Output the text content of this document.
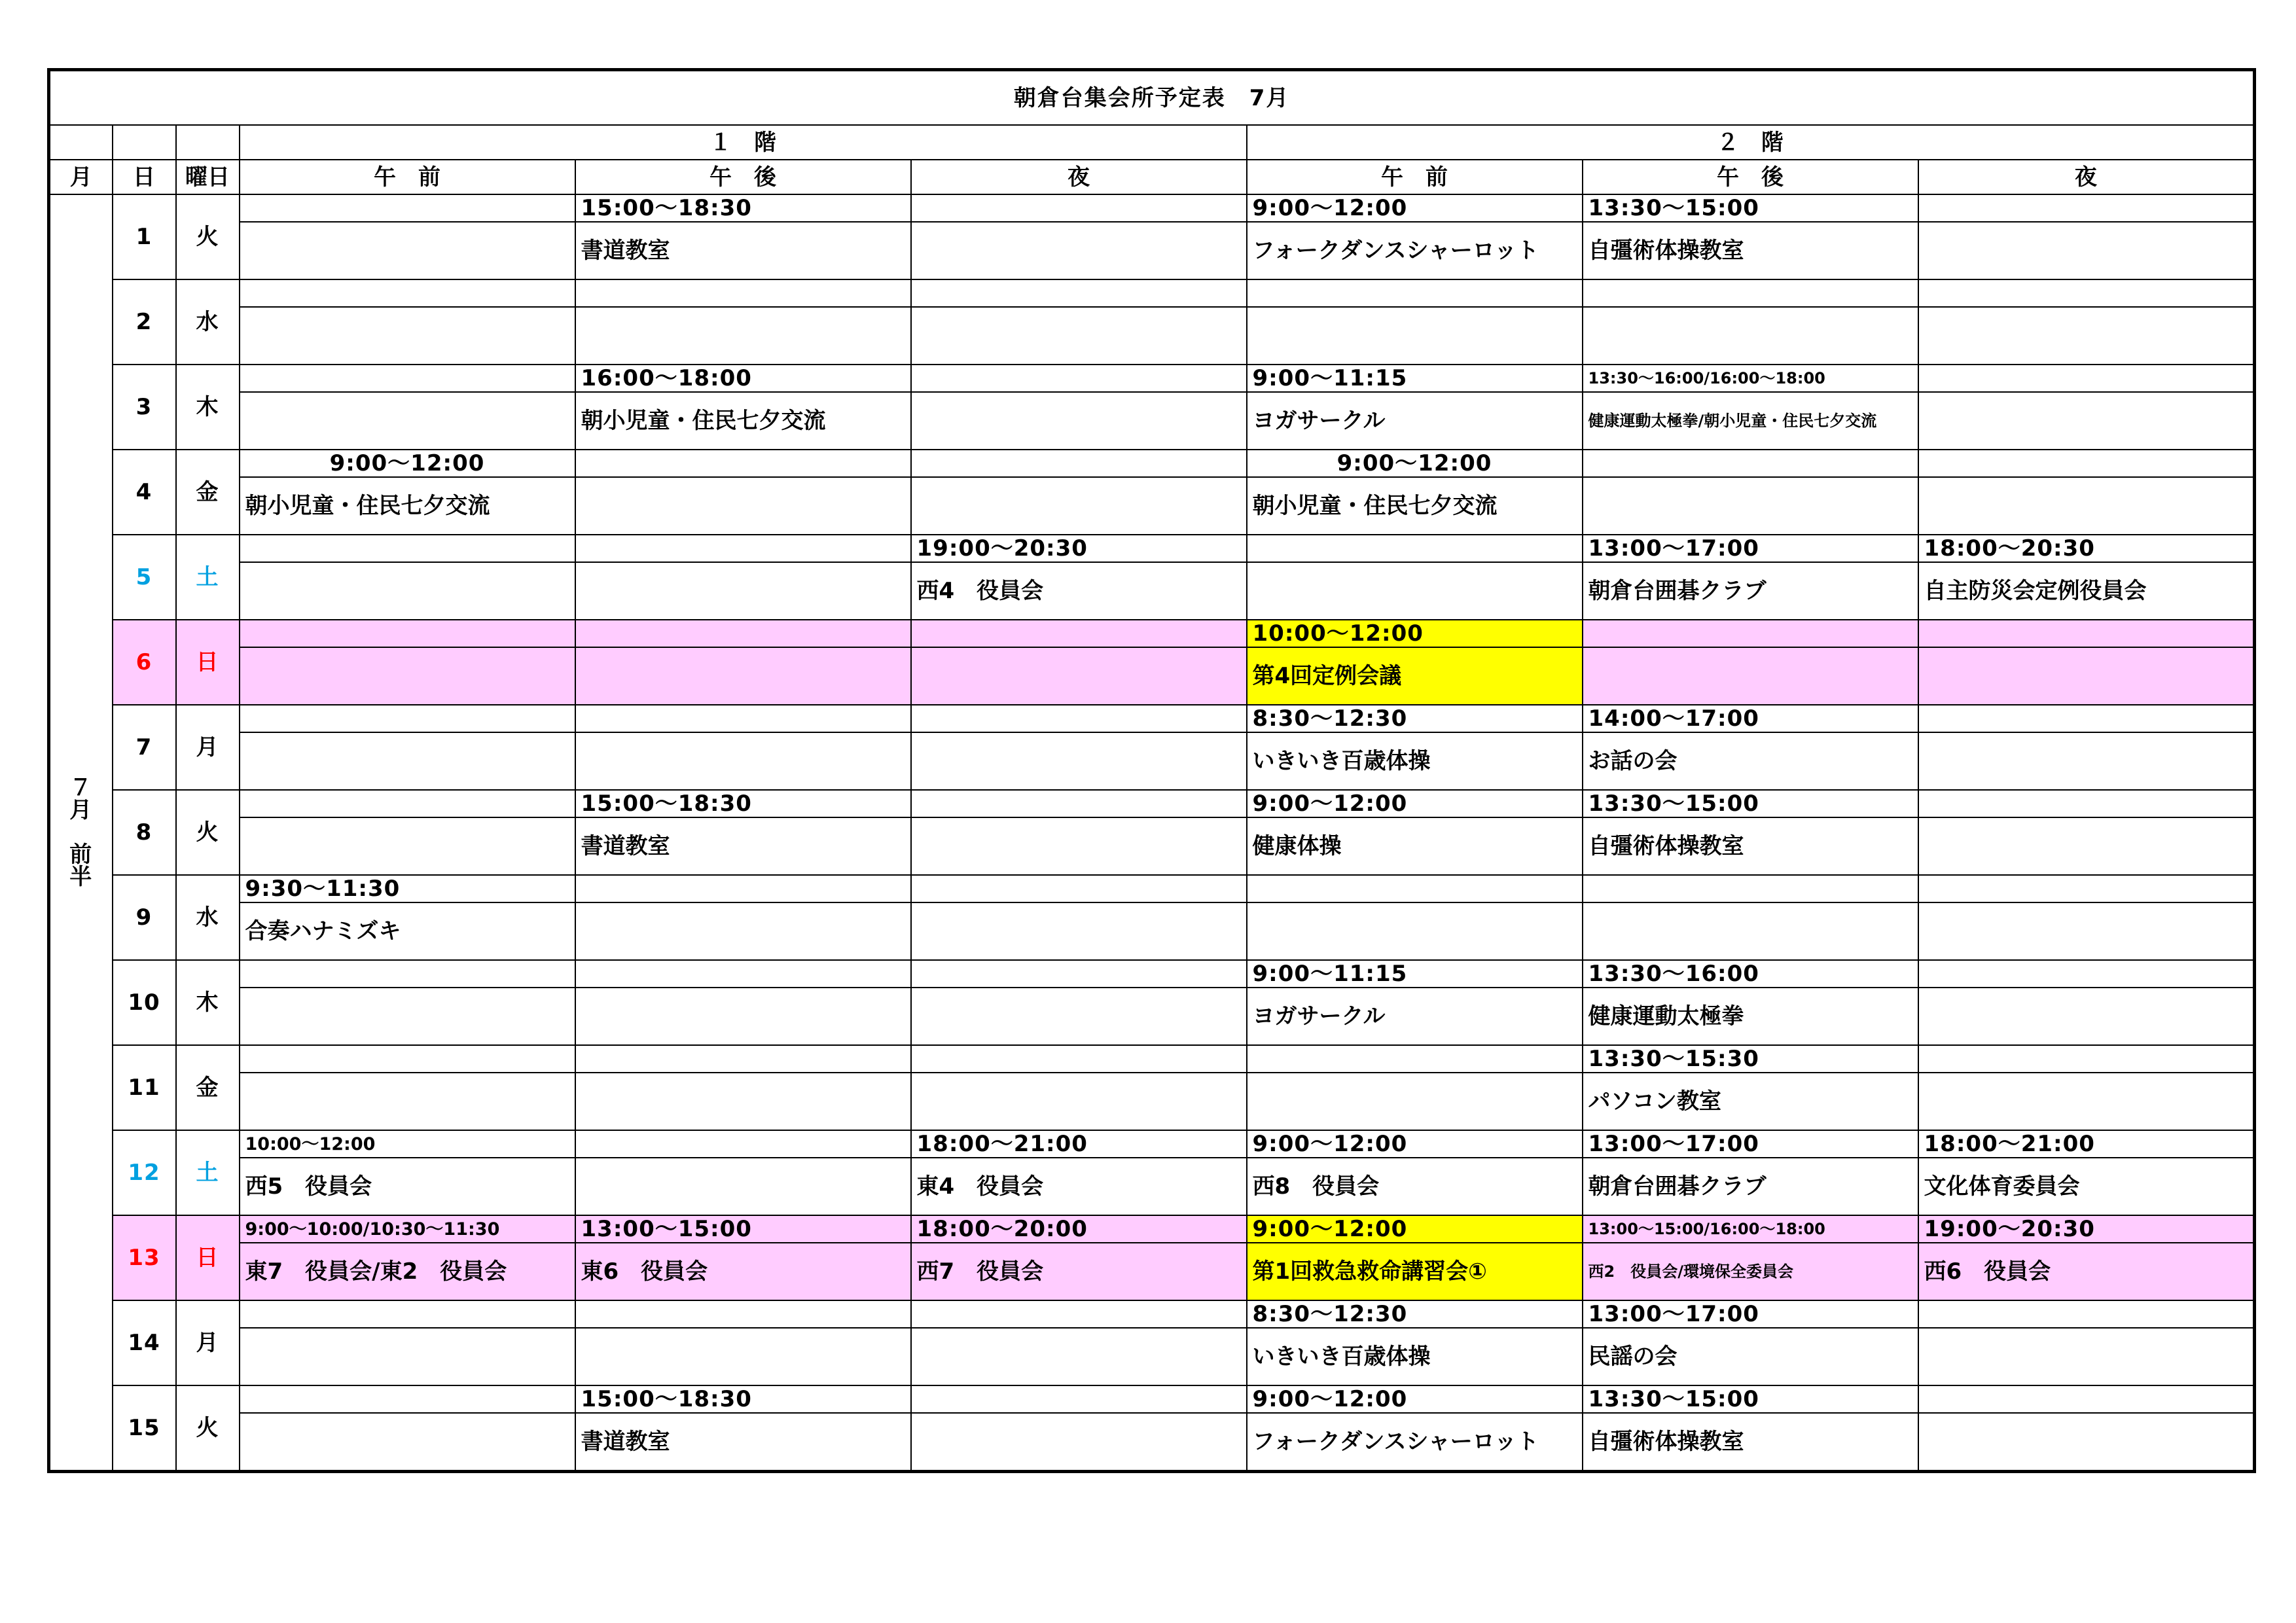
朝倉台集会所予定表　7月								
			１　階			２　階		
月	日	曜日	午　前	午　後	夜	午　前	午　後	夜

７
月

前
半	1	火		15:00～18:30		9:00～12:00	13:30～15:00	
				書道教室		フォークダンスシャーロット	自彊術体操教室	
	2	水						

	3	木		16:00～18:00		9:00～11:15	13:30～16:00/16:00～18:00	
				朝小児童・住民七夕交流		ヨガサークル	健康運動太極拳/朝小児童・住民七夕交流	
	4	金	9:00～12:00			9:00～12:00		
			朝小児童・住民七夕交流			朝小児童・住民七夕交流		
	5	土			19:00～20:30		13:00～17:00	18:00～20:30
					西4　役員会		朝倉台囲碁クラブ	自主防災会定例役員会
	6	日				10:00～12:00		
						第4回定例会議		
	7	月				8:30～12:30	14:00～17:00	
						いきいき百歳体操	お話の会	
	8	火		15:00～18:30		9:00～12:00	13:30～15:00	
				書道教室		健康体操	自彊術体操教室	
	9	水	9:30～11:30					
			合奏ハナミズキ					
	10	木				9:00～11:15	13:30～16:00	
						ヨガサークル	健康運動太極拳	
	11	金					13:30～15:30	
							パソコン教室	
	12	土	10:00～12:00		18:00～21:00	9:00～12:00	13:00～17:00	18:00～21:00
			西5　役員会		東4　役員会	西8　役員会	朝倉台囲碁クラブ	文化体育委員会
	13	日	9:00～10:00/10:30～11:30	13:00～15:00	18:00～20:00	9:00～12:00	13:00～15:00/16:00～18:00	19:00～20:30
			東7　役員会/東2　役員会	東6　役員会	西7　役員会	第1回救急救命講習会①	西2　役員会/環境保全委員会	西6　役員会
	14	月				8:30～12:30	13:00～17:00	
						いきいき百歳体操	民謡の会	
	15	火		15:00～18:30		9:00～12:00	13:30～15:00	
				書道教室		フォークダンスシャーロット	自彊術体操教室	
